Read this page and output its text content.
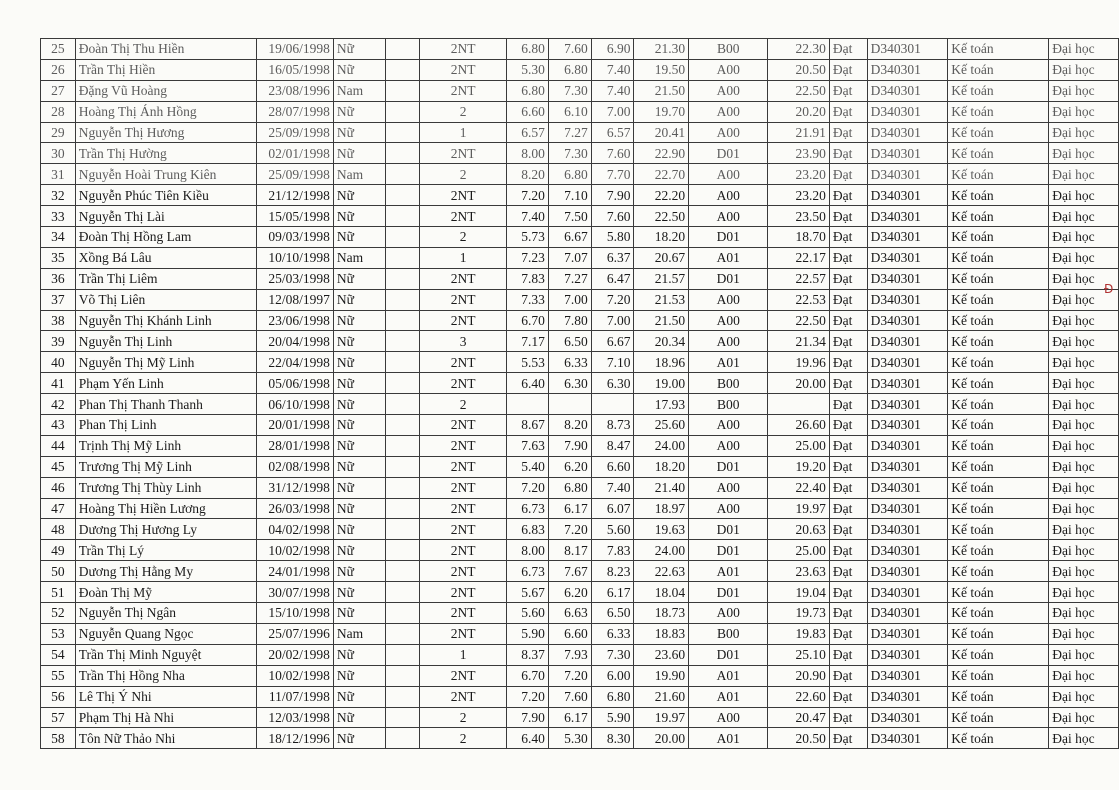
25	Đoàn Thị Thu Hiền	19/06/1998	Nữ		2NT	6.80	7.60	6.90	21.30	B00	22.30	Đạt	D340301	Kế toán	Đại học
26	Trần Thị Hiền	16/05/1998	Nữ		2NT	5.30	6.80	7.40	19.50	A00	20.50	Đạt	D340301	Kế toán	Đại học
27	Đặng Vũ Hoàng	23/08/1996	Nam		2NT	6.80	7.30	7.40	21.50	A00	22.50	Đạt	D340301	Kế toán	Đại học
28	Hoàng Thị Ánh Hồng	28/07/1998	Nữ		2	6.60	6.10	7.00	19.70	A00	20.20	Đạt	D340301	Kế toán	Đại học
29	Nguyễn Thị Hương	25/09/1998	Nữ		1	6.57	7.27	6.57	20.41	A00	21.91	Đạt	D340301	Kế toán	Đại học
30	Trần Thị Hường	02/01/1998	Nữ		2NT	8.00	7.30	7.60	22.90	D01	23.90	Đạt	D340301	Kế toán	Đại học
31	Nguyễn Hoài Trung Kiên	25/09/1998	Nam		2	8.20	6.80	7.70	22.70	A00	23.20	Đạt	D340301	Kế toán	Đại học
32	Nguyễn Phúc Tiên Kiều	21/12/1998	Nữ		2NT	7.20	7.10	7.90	22.20	A00	23.20	Đạt	D340301	Kế toán	Đại học
33	Nguyễn Thị Lài	15/05/1998	Nữ		2NT	7.40	7.50	7.60	22.50	A00	23.50	Đạt	D340301	Kế toán	Đại học
34	Đoàn Thị Hồng Lam	09/03/1998	Nữ		2	5.73	6.67	5.80	18.20	D01	18.70	Đạt	D340301	Kế toán	Đại học
35	Xồng Bá Lâu	10/10/1998	Nam		1	7.23	7.07	6.37	20.67	A01	22.17	Đạt	D340301	Kế toán	Đại học
36	Trần Thị Liêm	25/03/1998	Nữ		2NT	7.83	7.27	6.47	21.57	D01	22.57	Đạt	D340301	Kế toán	Đại học
37	Võ Thị Liên	12/08/1997	Nữ		2NT	7.33	7.00	7.20	21.53	A00	22.53	Đạt	D340301	Kế toán	Đại học
38	Nguyễn Thị Khánh Linh	23/06/1998	Nữ		2NT	6.70	7.80	7.00	21.50	A00	22.50	Đạt	D340301	Kế toán	Đại học
39	Nguyễn Thị Linh	20/04/1998	Nữ		3	7.17	6.50	6.67	20.34	A00	21.34	Đạt	D340301	Kế toán	Đại học
40	Nguyễn Thị Mỹ Linh	22/04/1998	Nữ		2NT	5.53	6.33	7.10	18.96	A01	19.96	Đạt	D340301	Kế toán	Đại học
41	Phạm Yến Linh	05/06/1998	Nữ		2NT	6.40	6.30	6.30	19.00	B00	20.00	Đạt	D340301	Kế toán	Đại học
42	Phan Thị Thanh Thanh	06/10/1998	Nữ		2				17.93	B00		Đạt	D340301	Kế toán	Đại học
43	Phan Thị Linh	20/01/1998	Nữ		2NT	8.67	8.20	8.73	25.60	A00	26.60	Đạt	D340301	Kế toán	Đại học
44	Trịnh Thị Mỹ Linh	28/01/1998	Nữ		2NT	7.63	7.90	8.47	24.00	A00	25.00	Đạt	D340301	Kế toán	Đại học
45	Trương Thị Mỹ Linh	02/08/1998	Nữ		2NT	5.40	6.20	6.60	18.20	D01	19.20	Đạt	D340301	Kế toán	Đại học
46	Trương Thị Thùy Linh	31/12/1998	Nữ		2NT	7.20	6.80	7.40	21.40	A00	22.40	Đạt	D340301	Kế toán	Đại học
47	Hoàng Thị Hiền Lương	26/03/1998	Nữ		2NT	6.73	6.17	6.07	18.97	A00	19.97	Đạt	D340301	Kế toán	Đại học
48	Dương Thị Hương Ly	04/02/1998	Nữ		2NT	6.83	7.20	5.60	19.63	D01	20.63	Đạt	D340301	Kế toán	Đại học
49	Trần Thị Lý	10/02/1998	Nữ		2NT	8.00	8.17	7.83	24.00	D01	25.00	Đạt	D340301	Kế toán	Đại học
50	Dương Thị Hằng My	24/01/1998	Nữ		2NT	6.73	7.67	8.23	22.63	A01	23.63	Đạt	D340301	Kế toán	Đại học
51	Đoàn Thị Mỹ	30/07/1998	Nữ		2NT	5.67	6.20	6.17	18.04	D01	19.04	Đạt	D340301	Kế toán	Đại học
52	Nguyễn Thị Ngân	15/10/1998	Nữ		2NT	5.60	6.63	6.50	18.73	A00	19.73	Đạt	D340301	Kế toán	Đại học
53	Nguyễn Quang Ngọc	25/07/1996	Nam		2NT	5.90	6.60	6.33	18.83	B00	19.83	Đạt	D340301	Kế toán	Đại học
54	Trần Thị Minh Nguyệt	20/02/1998	Nữ		1	8.37	7.93	7.30	23.60	D01	25.10	Đạt	D340301	Kế toán	Đại học
55	Trần Thị Hồng Nha	10/02/1998	Nữ		2NT	6.70	7.20	6.00	19.90	A01	20.90	Đạt	D340301	Kế toán	Đại học
56	Lê Thị Ý Nhi	11/07/1998	Nữ		2NT	7.20	7.60	6.80	21.60	A01	22.60	Đạt	D340301	Kế toán	Đại học
57	Phạm Thị Hà Nhi	12/03/1998	Nữ		2	7.90	6.17	5.90	19.97	A00	20.47	Đạt	D340301	Kế toán	Đại học
58	Tôn Nữ Thảo Nhi	18/12/1996	Nữ		2	6.40	5.30	8.30	20.00	A01	20.50	Đạt	D340301	Kế toán	Đại học
Đ
